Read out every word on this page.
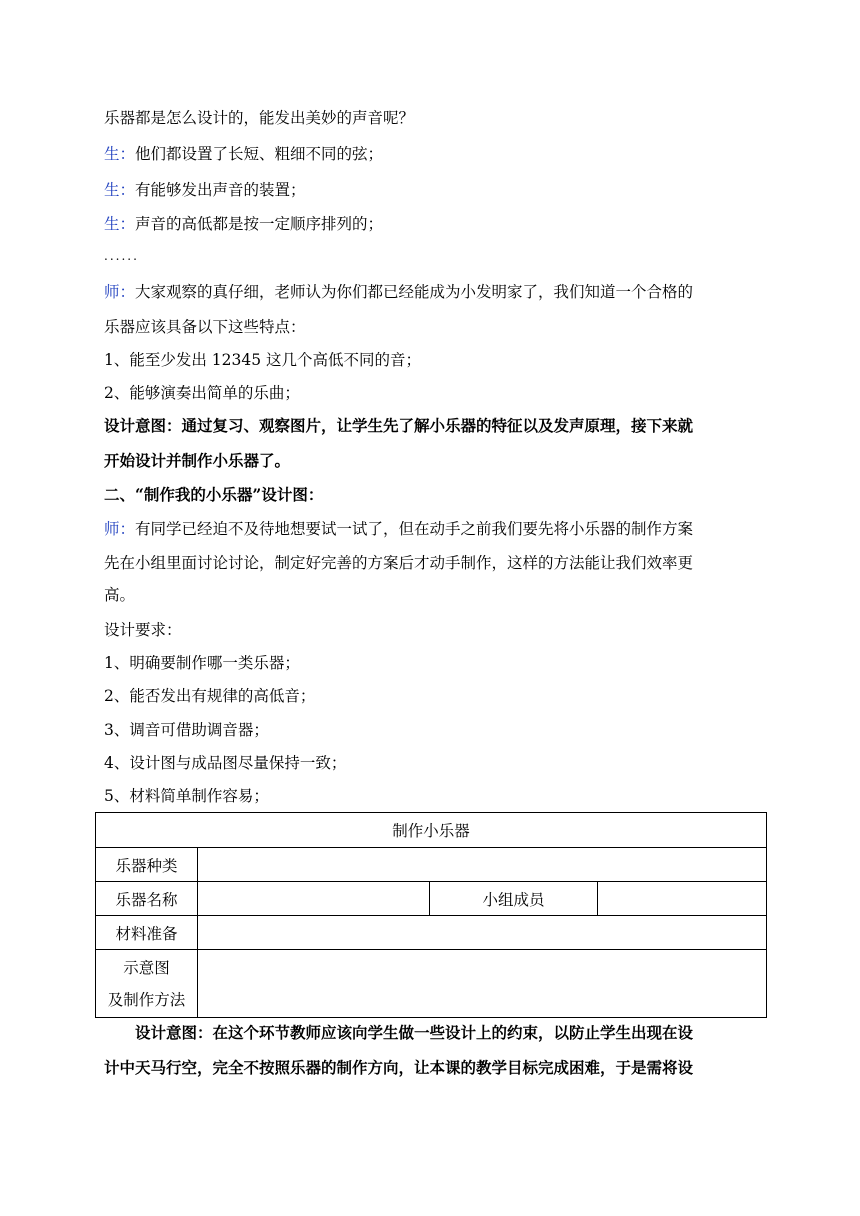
乐器都是怎么设计的，能发出美妙的声音呢？
生：他们都设置了长短、粗细不同的弦；
生：有能够发出声音的装置；
生：声音的高低都是按一定顺序排列的；
......
师：大家观察的真仔细，老师认为你们都已经能成为小发明家了，我们知道一个合格的
乐器应该具备以下这些特点：
1、能至少发出 12345 这几个高低不同的音；
2、能够演奏出简单的乐曲；
设计意图：通过复习、观察图片，让学生先了解小乐器的特征以及发声原理，接下来就
开始设计并制作小乐器了。
二、“制作我的小乐器”设计图：
师：有同学已经迫不及待地想要试一试了，但在动手之前我们要先将小乐器的制作方案
先在小组里面讨论讨论，制定好完善的方案后才动手制作，这样的方法能让我们效率更
高。
设计要求：
1、明确要制作哪一类乐器；
2、能否发出有规律的高低音；
3、调音可借助调音器；
4、设计图与成品图尽量保持一致；
5、材料简单制作容易；
制作小乐器			
乐器种类			
乐器名称		小组成员	
材料准备			

示意图
及制作方法			

设计意图：在这个环节教师应该向学生做一些设计上的约束，以防止学生出现在设
计中天马行空，完全不按照乐器的制作方向，让本课的教学目标完成困难，于是需将设
